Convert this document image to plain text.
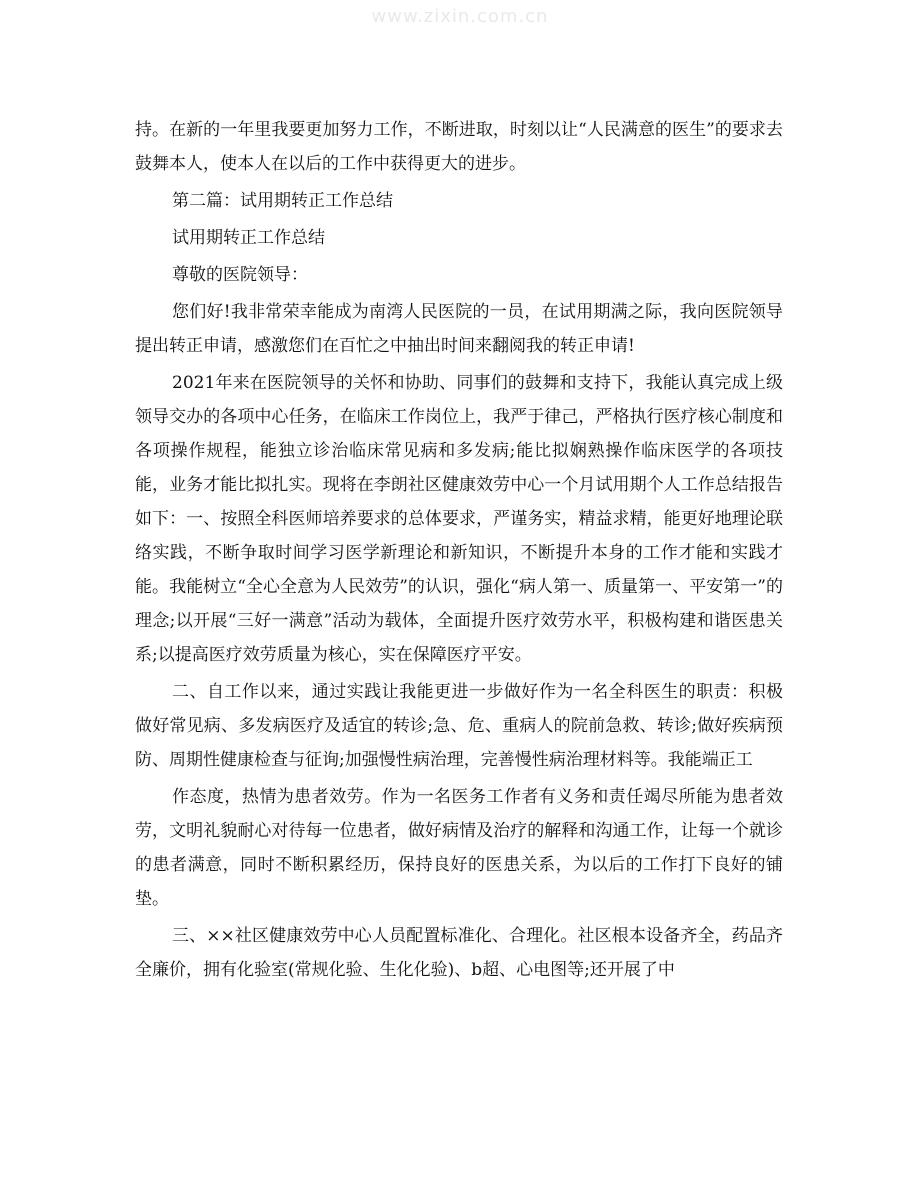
www.zixin.com.cn

持。在新的一年里我要更加努力工作，不断进取，时刻以让“人民满意的医生”的要求去鼓舞本人，使本人在以后的工作中获得更大的进步。

第二篇：试用期转正工作总结

试用期转正工作总结

尊敬的医院领导：

您们好!我非常荣幸能成为南湾人民医院的一员，在试用期满之际，我向医院领导提出转正申请，感激您们在百忙之中抽出时间来翻阅我的转正申请!

2021年来在医院领导的关怀和协助、同事们的鼓舞和支持下，我能认真完成上级领导交办的各项中心任务，在临床工作岗位上，我严于律己，严格执行医疗核心制度和各项操作规程，能独立诊治临床常见病和多发病;能比拟娴熟操作临床医学的各项技能，业务才能比拟扎实。现将在李朗社区健康效劳中心一个月试用期个人工作总结报告如下：一、按照全科医师培养要求的总体要求，严谨务实，精益求精，能更好地理论联络实践，不断争取时间学习医学新理论和新知识，不断提升本身的工作才能和实践才能。我能树立“全心全意为人民效劳”的认识，强化“病人第一、质量第一、平安第一”的理念;以开展“三好一满意”活动为载体，全面提升医疗效劳水平，积极构建和谐医患关系;以提高医疗效劳质量为核心，实在保障医疗平安。

二、自工作以来，通过实践让我能更进一步做好作为一名全科医生的职责：积极做好常见病、多发病医疗及适宜的转诊;急、危、重病人的院前急救、转诊;做好疾病预防、周期性健康检查与征询;加强慢性病治理，完善慢性病治理材料等。我能端正工

作态度，热情为患者效劳。作为一名医务工作者有义务和责任竭尽所能为患者效劳，文明礼貌耐心对待每一位患者，做好病情及治疗的解释和沟通工作，让每一个就诊的患者满意，同时不断积累经历，保持良好的医患关系，为以后的工作打下良好的铺垫。

三、××社区健康效劳中心人员配置标准化、合理化。社区根本设备齐全，药品齐全廉价，拥有化验室(常规化验、生化化验)、b超、心电图等;还开展了中
